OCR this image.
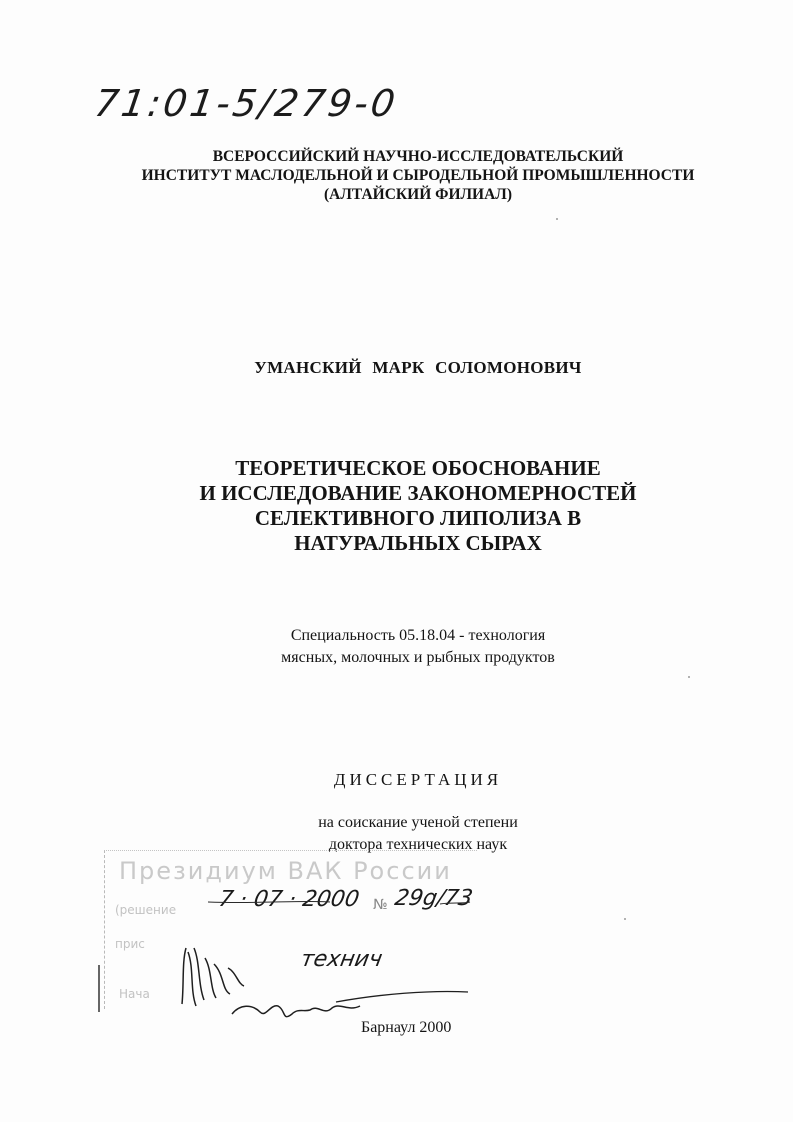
71:01-5/279-0
ВСЕРОССИЙСКИЙ НАУЧНО-ИССЛЕДОВАТЕЛЬСКИЙ
ИНСТИТУТ МАСЛОДЕЛЬНОЙ И СЫРОДЕЛЬНОЙ ПРОМЫШЛЕННОСТИ
(АЛТАЙСКИЙ ФИЛИАЛ)
УМАНСКИЙ МАРК СОЛОМОНОВИЧ
ТЕОРЕТИЧЕСКОЕ ОБОСНОВАНИЕ
И ИССЛЕДОВАНИЕ ЗАКОНОМЕРНОСТЕЙ
СЕЛЕКТИВНОГО ЛИПОЛИЗА В
НАТУРАЛЬНЫХ СЫРАХ
Специальность 05.18.04 - технология
мясных, молочных и рыбных продуктов
ДИССЕРТАЦИЯ
на соискание ученой степени
доктора технических наук
Президиум ВАК России
(решение
прис
Нача
7 · 07 · 2000 № 29g/73
технич
Барнаул 2000
